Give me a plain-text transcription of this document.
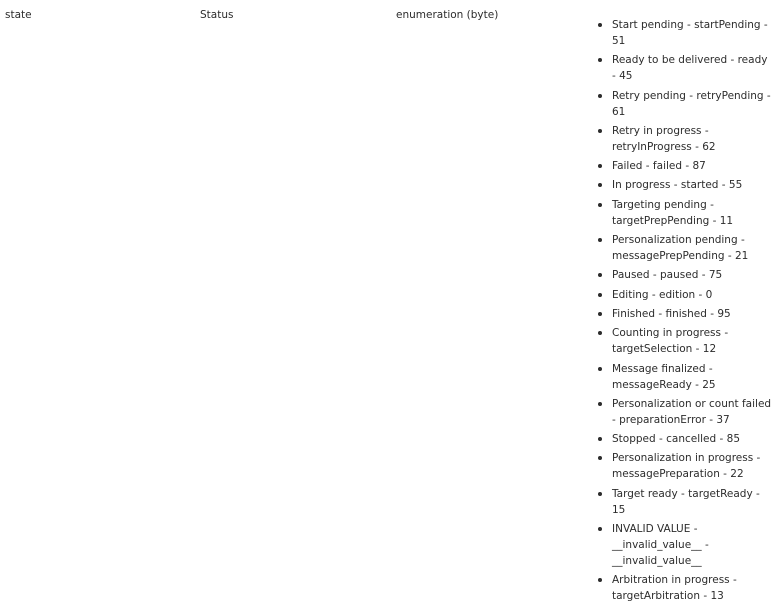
state	Status	enumeration (byte)
Start pending - startPending - 51
Ready to be delivered - ready - 45
Retry pending - retryPending - 61
Retry in progress - retryInProgress - 62
Failed - failed - 87
In progress - started - 55
Targeting pending - targetPrepPending - 11
Personalization pending - messagePrepPending - 21
Paused - paused - 75
Editing - edition - 0
Finished - finished - 95
Counting in progress - targetSelection - 12
Message finalized - messageReady - 25
Personalization or count failed - preparationError - 37
Stopped - cancelled - 85
Personalization in progress - messagePreparation - 22
Target ready - targetReady - 15
INVALID VALUE - __invalid_value__ - __invalid_value__
Arbitration in progress - targetArbitration - 13
